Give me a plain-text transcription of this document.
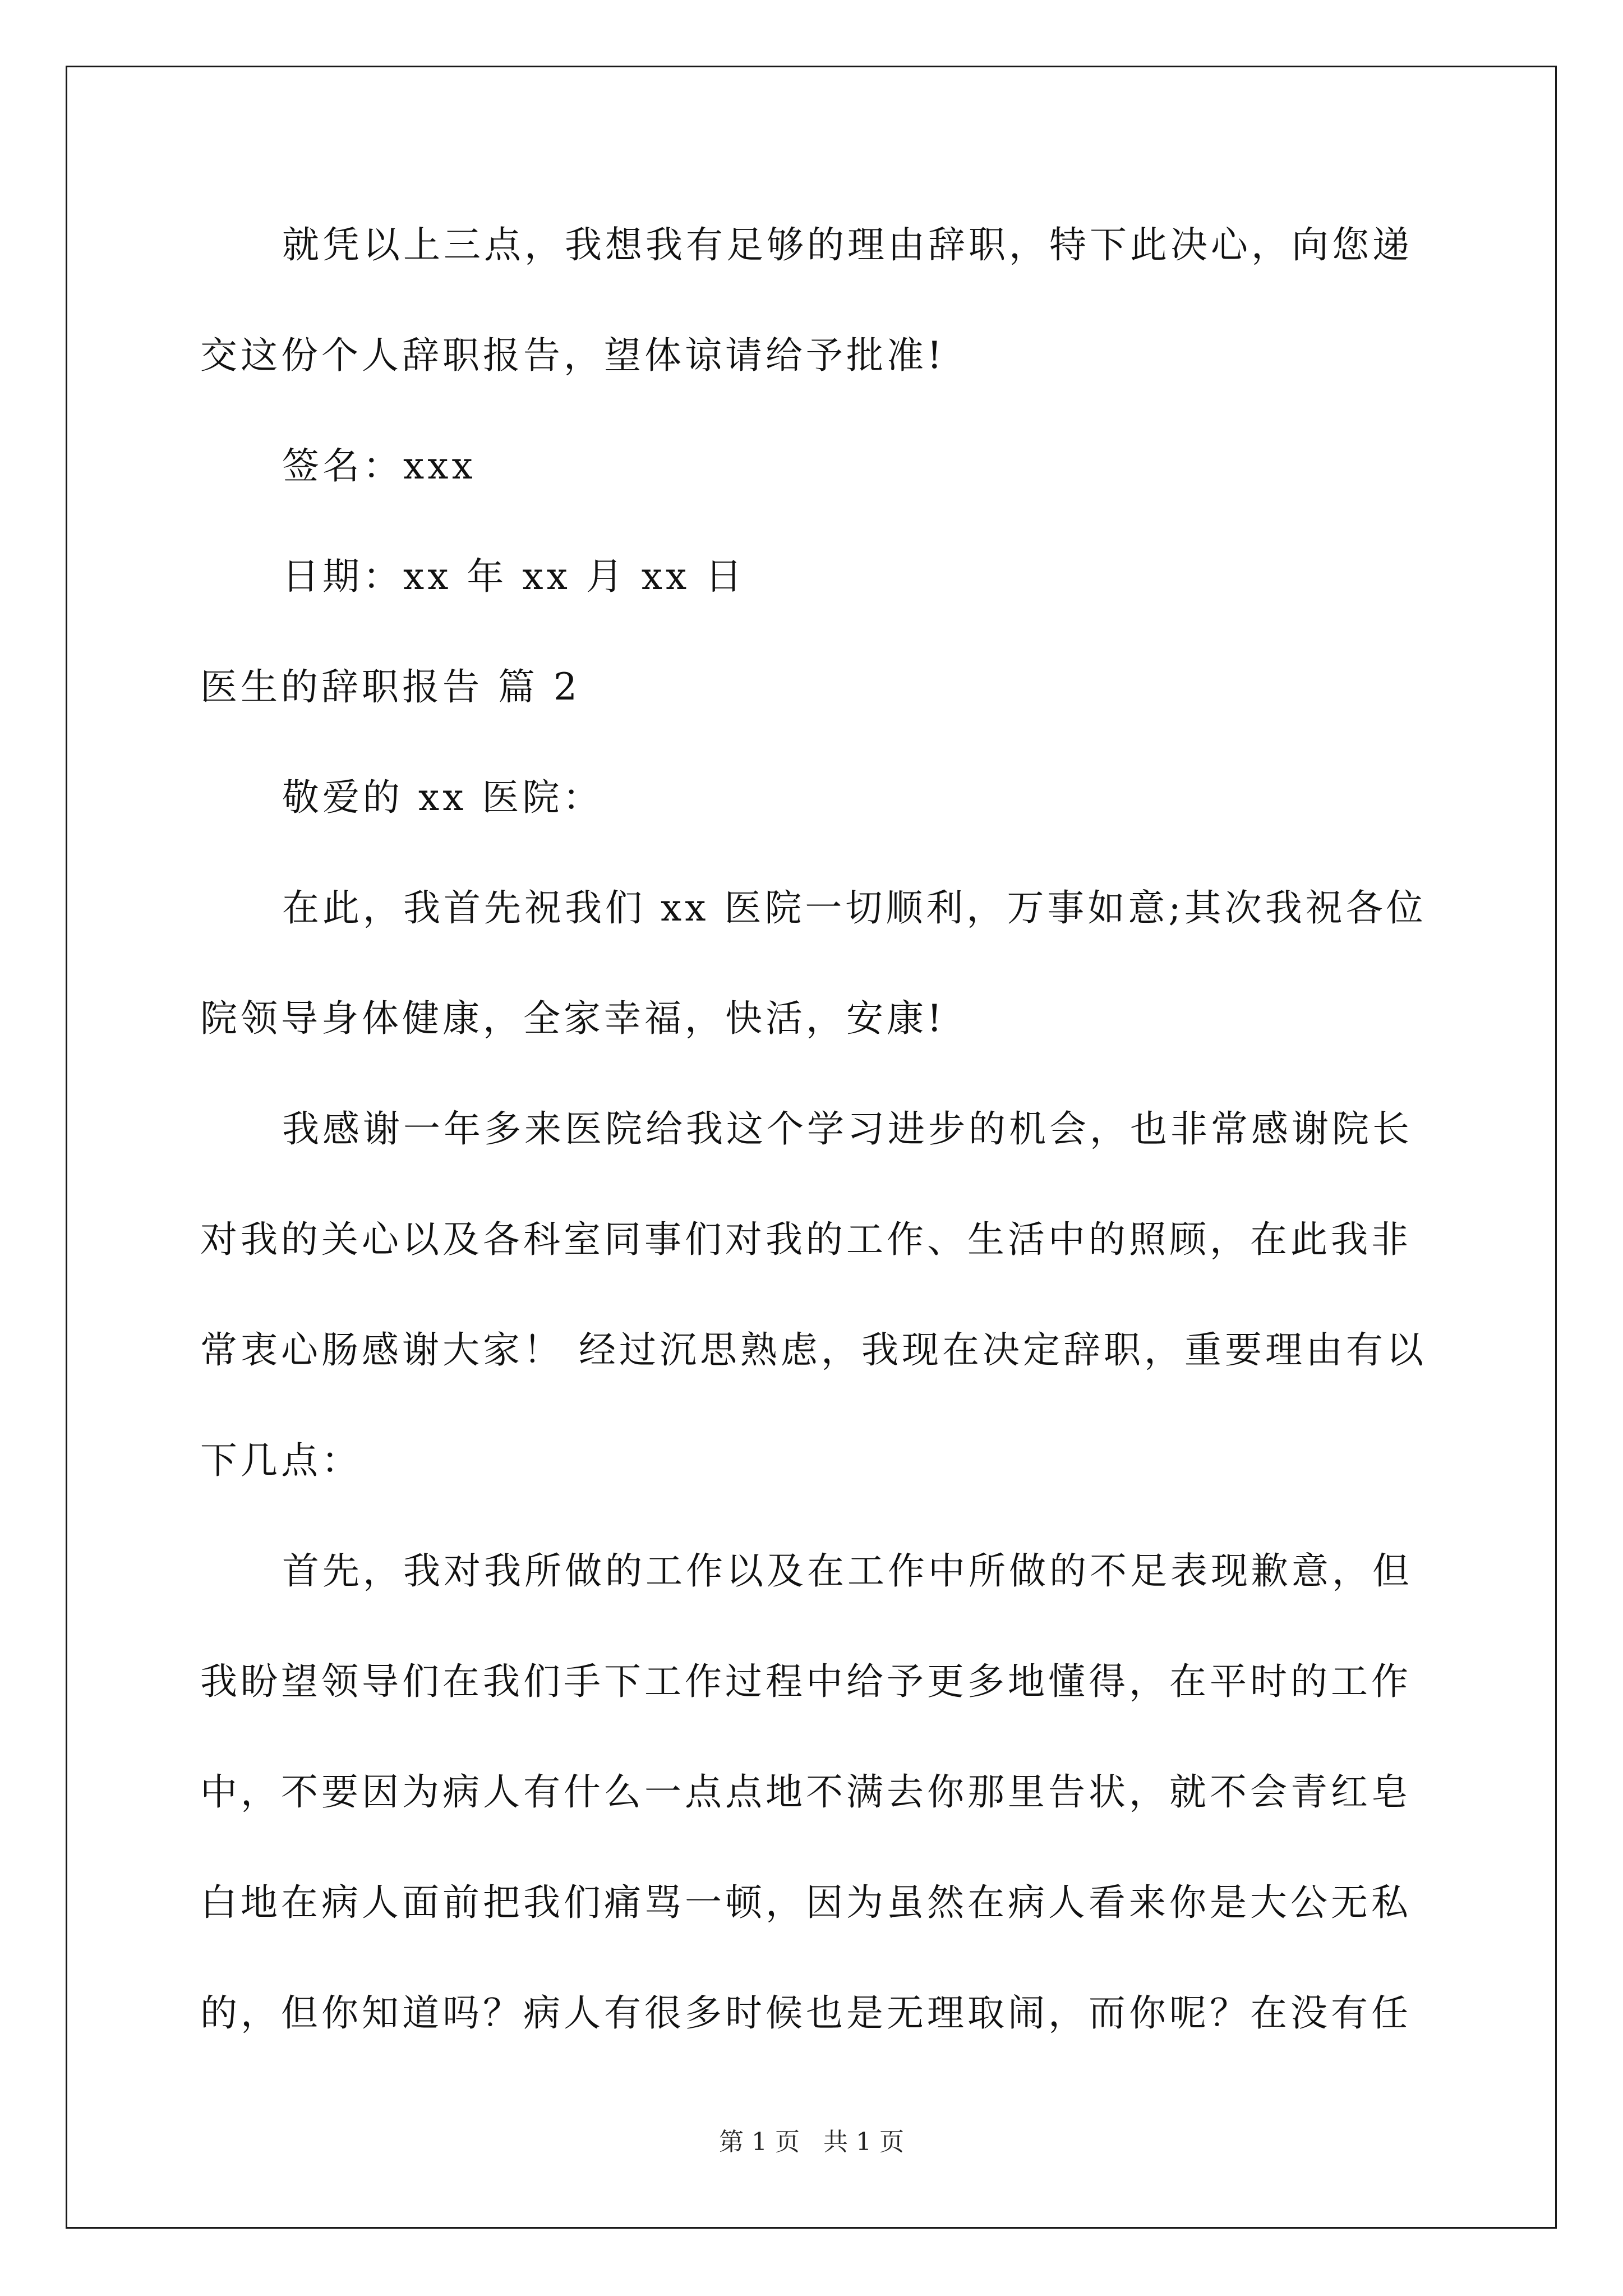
就凭以上三点，我想我有足够的理由辞职，特下此决心，向您递
交这份个人辞职报告，望体谅请给予批准!
签名：xxx
日期：xx 年 xx 月 xx 日
医生的辞职报告 篇 2
敬爱的 xx 医院：
在此，我首先祝我们 xx 医院一切顺利，万事如意;其次我祝各位
院领导身体健康，全家幸福，快活，安康!
我感谢一年多来医院给我这个学习进步的机会，也非常感谢院长
对我的关心以及各科室同事们对我的工作、生活中的照顾，在此我非
常衷心肠感谢大家！ 经过沉思熟虑，我现在决定辞职，重要理由有以
下几点：
首先，我对我所做的工作以及在工作中所做的不足表现歉意，但
我盼望领导们在我们手下工作过程中给予更多地懂得，在平时的工作
中，不要因为病人有什么一点点地不满去你那里告状，就不会青红皂
白地在病人面前把我们痛骂一顿，因为虽然在病人看来你是大公无私
的，但你知道吗？病人有很多时候也是无理取闹，而你呢？在没有任
第 1 页   共 1 页
